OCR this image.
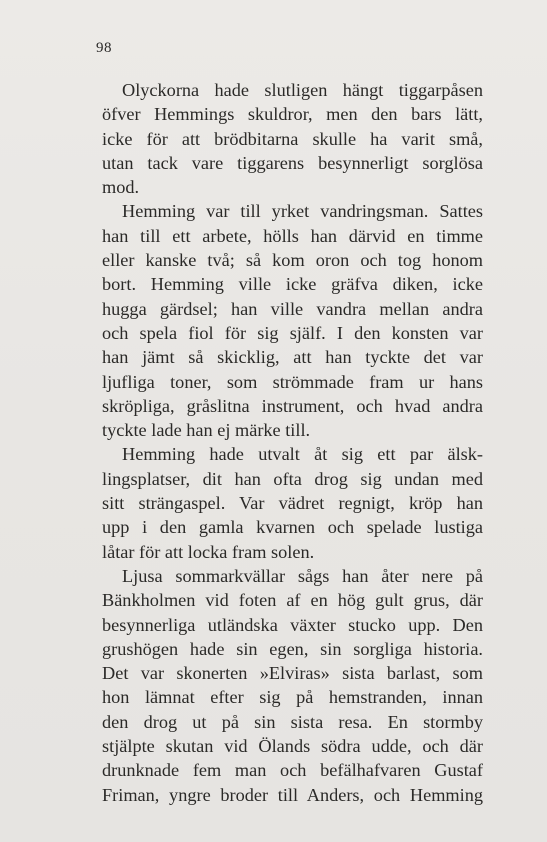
98
Olyckorna hade slutligen hängt tiggarpåsen
öfver Hemmings skuldror, men den bars lätt,
icke för att brödbitarna skulle ha varit små,
utan tack vare tiggarens besynnerligt sorglösa
mod.
Hemming var till yrket vandringsman. Sattes
han till ett arbete, hölls han därvid en timme
eller kanske två; så kom oron och tog honom
bort. Hemming ville icke gräfva diken, icke
hugga gärdsel; han ville vandra mellan andra
och spela fiol för sig själf. I den konsten var
han jämt så skicklig, att han tyckte det var
ljufliga toner, som strömmade fram ur hans
skröpliga, gråslitna instrument, och hvad andra
tyckte lade han ej märke till.
Hemming hade utvalt åt sig ett par älsk-
lingsplatser, dit han ofta drog sig undan med
sitt strängaspel. Var vädret regnigt, kröp han
upp i den gamla kvarnen och spelade lustiga
låtar för att locka fram solen.
Ljusa sommarkvällar sågs han åter nere på
Bänkholmen vid foten af en hög gult grus, där
besynnerliga utländska växter stucko upp. Den
grushögen hade sin egen, sin sorgliga historia.
Det var skonerten »Elviras» sista barlast, som
hon lämnat efter sig på hemstranden, innan
den drog ut på sin sista resa. En stormby
stjälpte skutan vid Ölands södra udde, och där
drunknade fem man och befälhafvaren Gustaf
Friman, yngre broder till Anders, och Hemming
